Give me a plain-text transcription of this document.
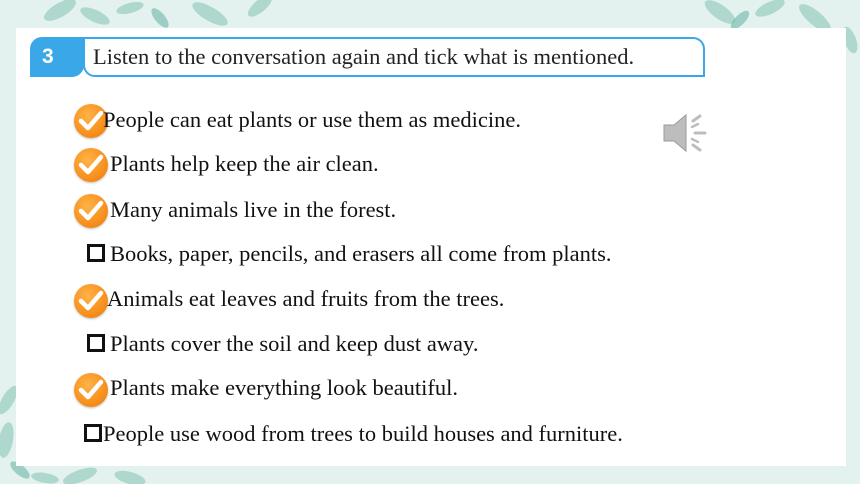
3	Listen to the conversation again and tick what is mentioned.
People can eat plants or use them as medicine.
Plants help keep the air clean.
Many animals live in the forest.
Books, paper, pencils, and erasers all come from plants.
Animals eat leaves and fruits from the trees.
Plants cover the soil and keep dust away.
Plants make everything look beautiful.
People use wood from trees to build houses and furniture.
